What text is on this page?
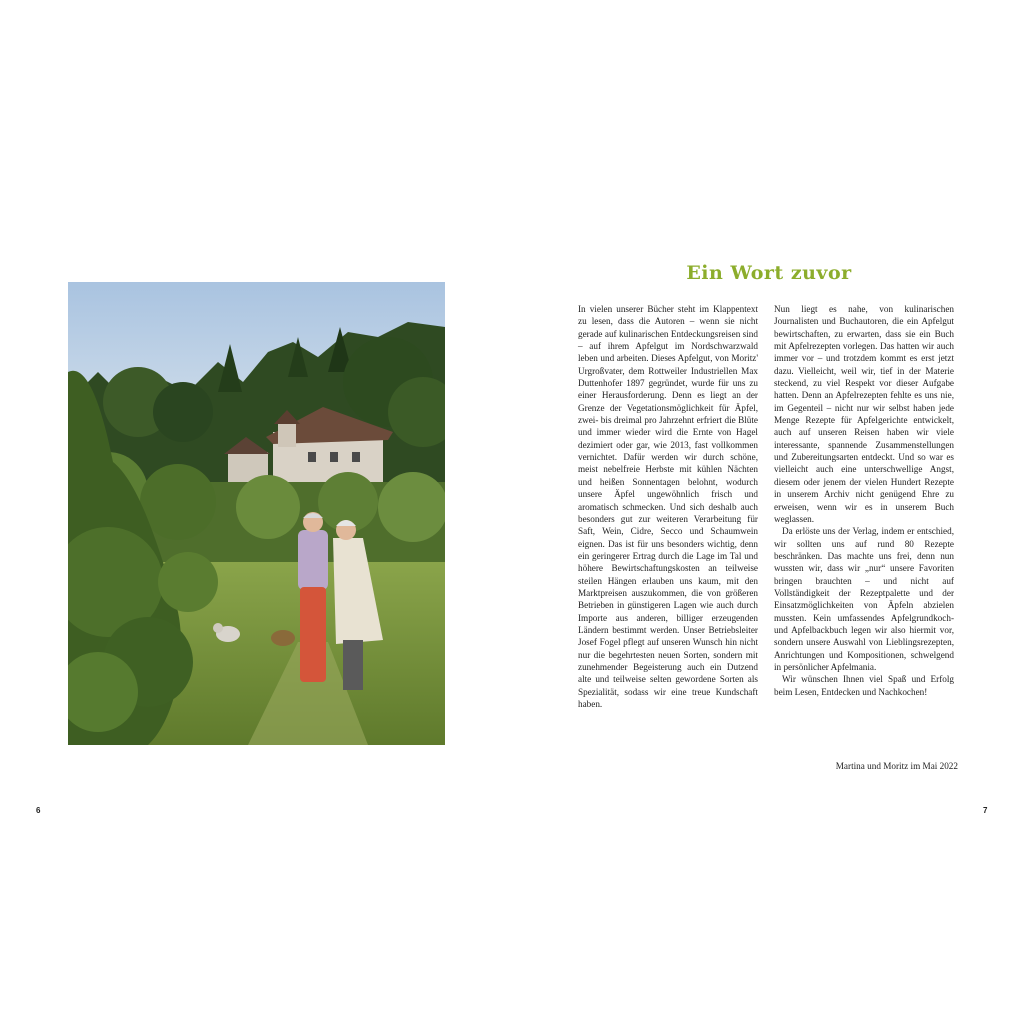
Ein Wort zuvor

In vielen unserer Bücher steht im Klappentext zu lesen, dass die Autoren – wenn sie nicht gerade auf kulinarischen Entdeckungsreisen sind – auf ihrem Apfelgut im Nordschwarzwald leben und arbeiten. Dieses Apfelgut, von Moritz' Urgroßvater, dem Rottweiler Industriellen Max Duttenhofer 1897 gegründet, wurde für uns zu einer Herausforderung. Denn es liegt an der Grenze der Vegetationsmöglichkeit für Äpfel, zwei- bis dreimal pro Jahrzehnt erfriert die Blüte und immer wieder wird die Ernte von Hagel dezimiert oder gar, wie 2013, fast vollkommen vernichtet. Dafür werden wir durch schöne, meist nebelfreie Herbste mit kühlen Nächten und heißen Sonnentagen belohnt, wodurch unsere Äpfel ungewöhnlich frisch und aromatisch schmecken. Und sich deshalb auch besonders gut zur weiteren Verarbeitung für Saft, Wein, Cidre, Secco und Schaumwein eignen. Das ist für uns besonders wichtig, denn ein geringerer Ertrag durch die Lage im Tal und höhere Bewirtschaftungskosten an teilweise steilen Hängen erlauben uns kaum, mit den Marktpreisen auszukommen, die von größeren Betrieben in günstigeren Lagen wie auch durch Importe aus anderen, billiger erzeugenden Ländern bestimmt werden. Unser Betriebsleiter Josef Fogel pflegt auf unseren Wunsch hin nicht nur die begehrtesten neuen Sorten, sondern mit zunehmender Begeisterung auch ein Dutzend alte und teilweise selten gewordene Sorten als Spezialität, sodass wir eine treue Kundschaft haben.

Nun liegt es nahe, von kulinarischen Journalisten und Buchautoren, die ein Apfelgut bewirtschaften, zu erwarten, dass sie ein Buch mit Apfelrezepten vorlegen. Das hatten wir auch immer vor – und trotzdem kommt es erst jetzt dazu. Vielleicht, weil wir, tief in der Materie steckend, zu viel Respekt vor dieser Aufgabe hatten. Denn an Apfelrezepten fehlte es uns nie, im Gegenteil – nicht nur wir selbst haben jede Menge Rezepte für Apfelgerichte entwickelt, auch auf unseren Reisen haben wir viele interessante, spannende Zusammenstellungen und Zubereitungsarten entdeckt. Und so war es vielleicht auch eine unterschwellige Angst, diesem oder jenem der vielen Hundert Rezepte in unserem Archiv nicht genügend Ehre zu erweisen, wenn wir es in unserem Buch weglassen.

Da erlöste uns der Verlag, indem er entschied, wir sollten uns auf rund 80 Rezepte beschränken. Das machte uns frei, denn nun wussten wir, dass wir „nur“ unsere Favoriten bringen brauchten – und nicht auf Vollständigkeit der Rezeptpalette und der Einsatzmöglichkeiten von Äpfeln abzielen mussten. Kein umfassendes Apfelgrundkoch- und Apfelbackbuch legen wir also hiermit vor, sondern unsere Auswahl von Lieblingsrezepten, Anrichtungen und Kompositionen, schwelgend in persönlicher Apfelmania.

Wir wünschen Ihnen viel Spaß und Erfolg beim Lesen, Entdecken und Nachkochen!

Martina und Moritz im Mai 2022

6	7
